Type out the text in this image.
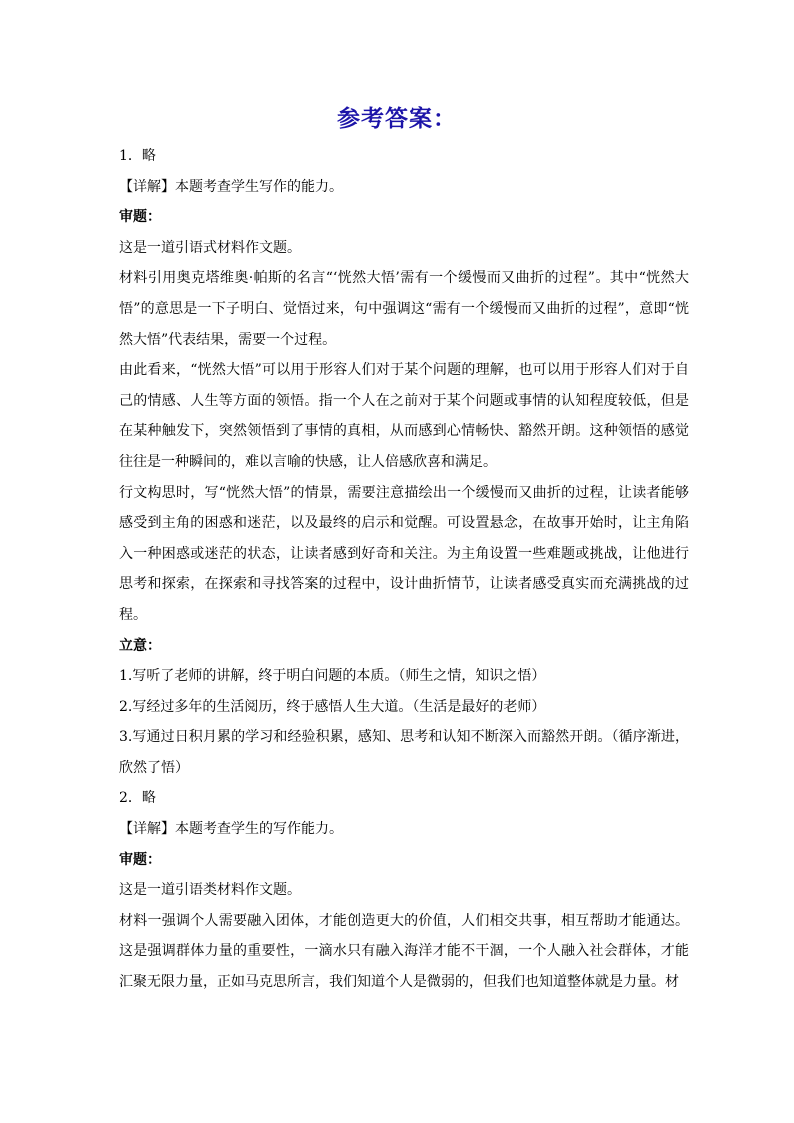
参考答案：

1．略

【详解】本题考查学生写作的能力。

审题：

这是一道引语式材料作文题。

材料引用奥克塔维奥·帕斯的名言“‘恍然大悟’需有一个缓慢而又曲折的过程”。其中“恍然大悟”的意思是一下子明白、觉悟过来，句中强调这“需有一个缓慢而又曲折的过程”，意即“恍然大悟”代表结果，需要一个过程。

由此看来，“恍然大悟”可以用于形容人们对于某个问题的理解，也可以用于形容人们对于自己的情感、人生等方面的领悟。指一个人在之前对于某个问题或事情的认知程度较低，但是在某种触发下，突然领悟到了事情的真相，从而感到心情畅快、豁然开朗。这种领悟的感觉往往是一种瞬间的，难以言喻的快感，让人倍感欣喜和满足。

行文构思时，写“恍然大悟”的情景，需要注意描绘出一个缓慢而又曲折的过程，让读者能够感受到主角的困惑和迷茫，以及最终的启示和觉醒。可设置悬念，在故事开始时，让主角陷入一种困惑或迷茫的状态，让读者感到好奇和关注。为主角设置一些难题或挑战，让他进行思考和探索，在探索和寻找答案的过程中，设计曲折情节，让读者感受真实而充满挑战的过程。

立意：

1.写听了老师的讲解，终于明白问题的本质。（师生之情，知识之悟）

2.写经过多年的生活阅历，终于感悟人生大道。（生活是最好的老师）

3.写通过日积月累的学习和经验积累，感知、思考和认知不断深入而豁然开朗。（循序渐进，欣然了悟）

2．略

【详解】本题考查学生的写作能力。

审题：

这是一道引语类材料作文题。

材料一强调个人需要融入团体，才能创造更大的价值，人们相交共事，相互帮助才能通达。这是强调群体力量的重要性，一滴水只有融入海洋才能不干涸，一个人融入社会群体，才能汇聚无限力量，正如马克思所言，我们知道个人是微弱的，但我们也知道整体就是力量。材
